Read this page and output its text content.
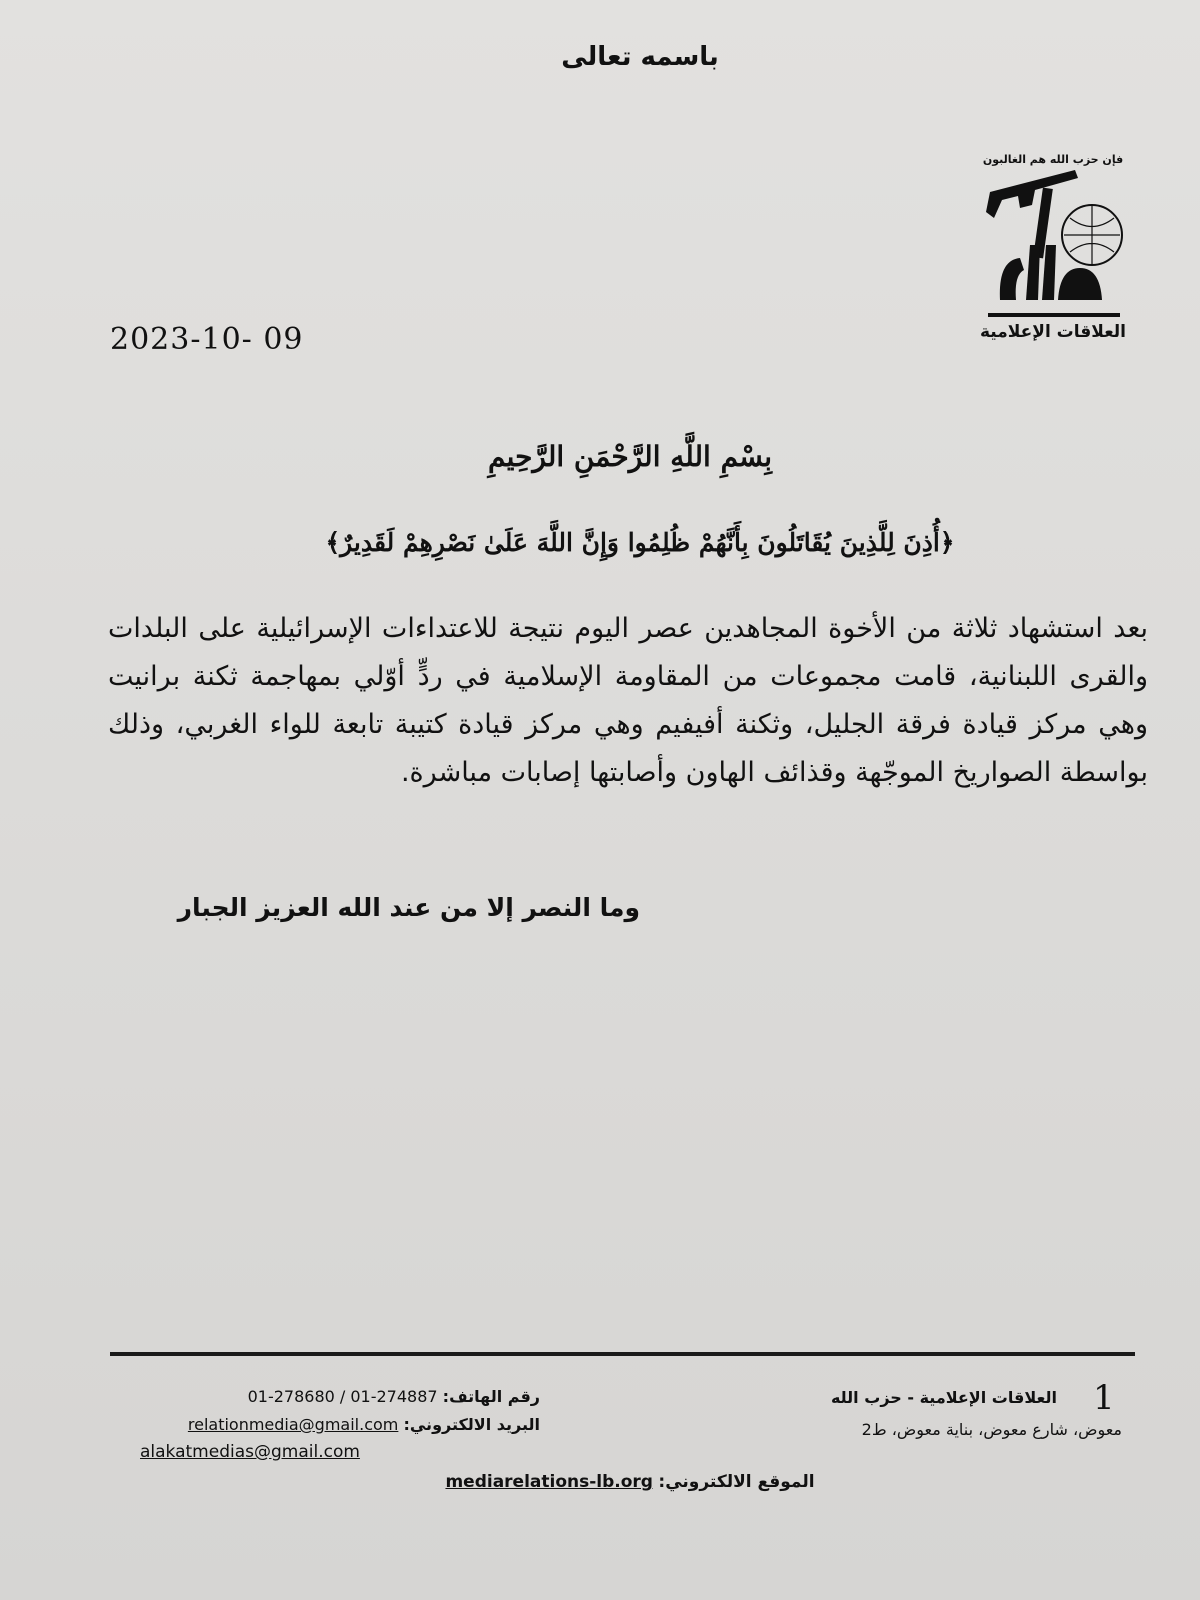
باسمه تعالى
فإن حزب الله هم الغالبون
العلاقات الإعلامية
2023-10- 09
بِسْمِ اللَّهِ الرَّحْمَنِ الرَّحِيمِ
﴿أُذِنَ لِلَّذِينَ يُقَاتَلُونَ بِأَنَّهُمْ ظُلِمُوا وَإِنَّ اللَّهَ عَلَىٰ نَصْرِهِمْ لَقَدِيرٌ﴾
بعد استشهاد ثلاثة من الأخوة المجاهدين عصر اليوم نتيجة للاعتداءات الإسرائيلية على البلدات والقرى اللبنانية، قامت مجموعات من المقاومة الإسلامية في ردٍّ أوّلي بمهاجمة ثكنة برانيت وهي مركز قيادة فرقة الجليل، وثكنة أفيفيم وهي مركز قيادة كتيبة تابعة للواء الغربي، وذلك بواسطة الصواريخ الموجّهة وقذائف الهاون وأصابتها إصابات مباشرة.
وما النصر إلا من عند الله العزيز الجبار
1
العلاقات الإعلامية - حزب الله
معوض، شارع معوض، بناية معوض، ط2
رقم الهاتف: 01-278680 / 01-274887
البريد الالكتروني: relationmedia@gmail.com
alakatmedias@gmail.com
الموقع الالكتروني: mediarelations-lb.org
